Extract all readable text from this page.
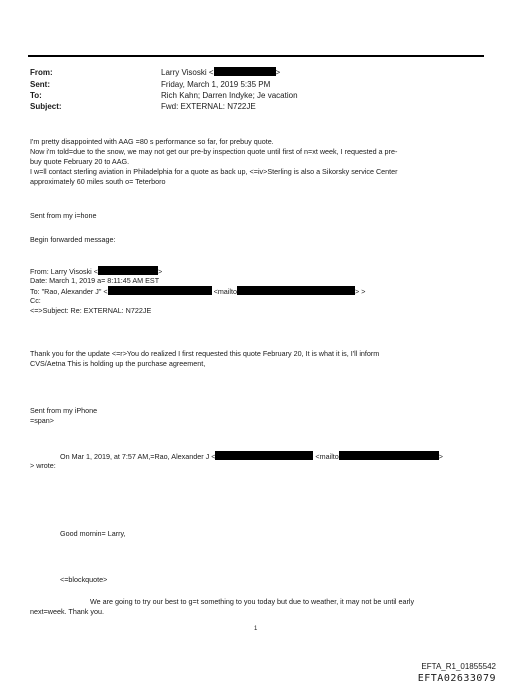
From:	Larry Visoski <	>
Sent:	Friday, March 1, 2019 5:35 PM
To:	Rich Kahn; Darren Indyke; Je vacation
Subject:	Fwd: EXTERNAL: N722JE
I'm pretty disappointed with AAG =80 s performance so far, for prebuy quote.
Now i'm told=due to the snow, we may not get our pre-by inspection quote until first of n=xt week, I requested a pre-
buy quote February 20 to AAG.
I w=ll contact sterling aviation in Philadelphia for a quote as back up, <=iv>Sterling is also a Sikorsky service Center
approximately 60 miles south o= Teterboro
Sent from my i=hone
Begin forwarded message:
From: Larry Visoski <	>
Date: March 1, 2019 a= 8:11:45 AM EST
To: "Rao, Alexander J" <	<mailto	> >
Cc:
<=>Subject: Re: EXTERNAL: N722JE
Thank you for the update <=r>You do realized I first requested this quote February 20, It is what it is, I'll inform
CVS/Aetna This is holding up the purchase agreement,
Sent from my iPhone
=span>
On Mar 1, 2019, at 7:57 AM,=Rao, Alexander J <	<mailto	>
> wrote:
Good mornin= Larry,
<=blockquote>
We are going to try our best to g=t something to you today but due to weather, it may not be until early
next=week. Thank you.
1
EFTA_R1_01855542
EFTA02633079
